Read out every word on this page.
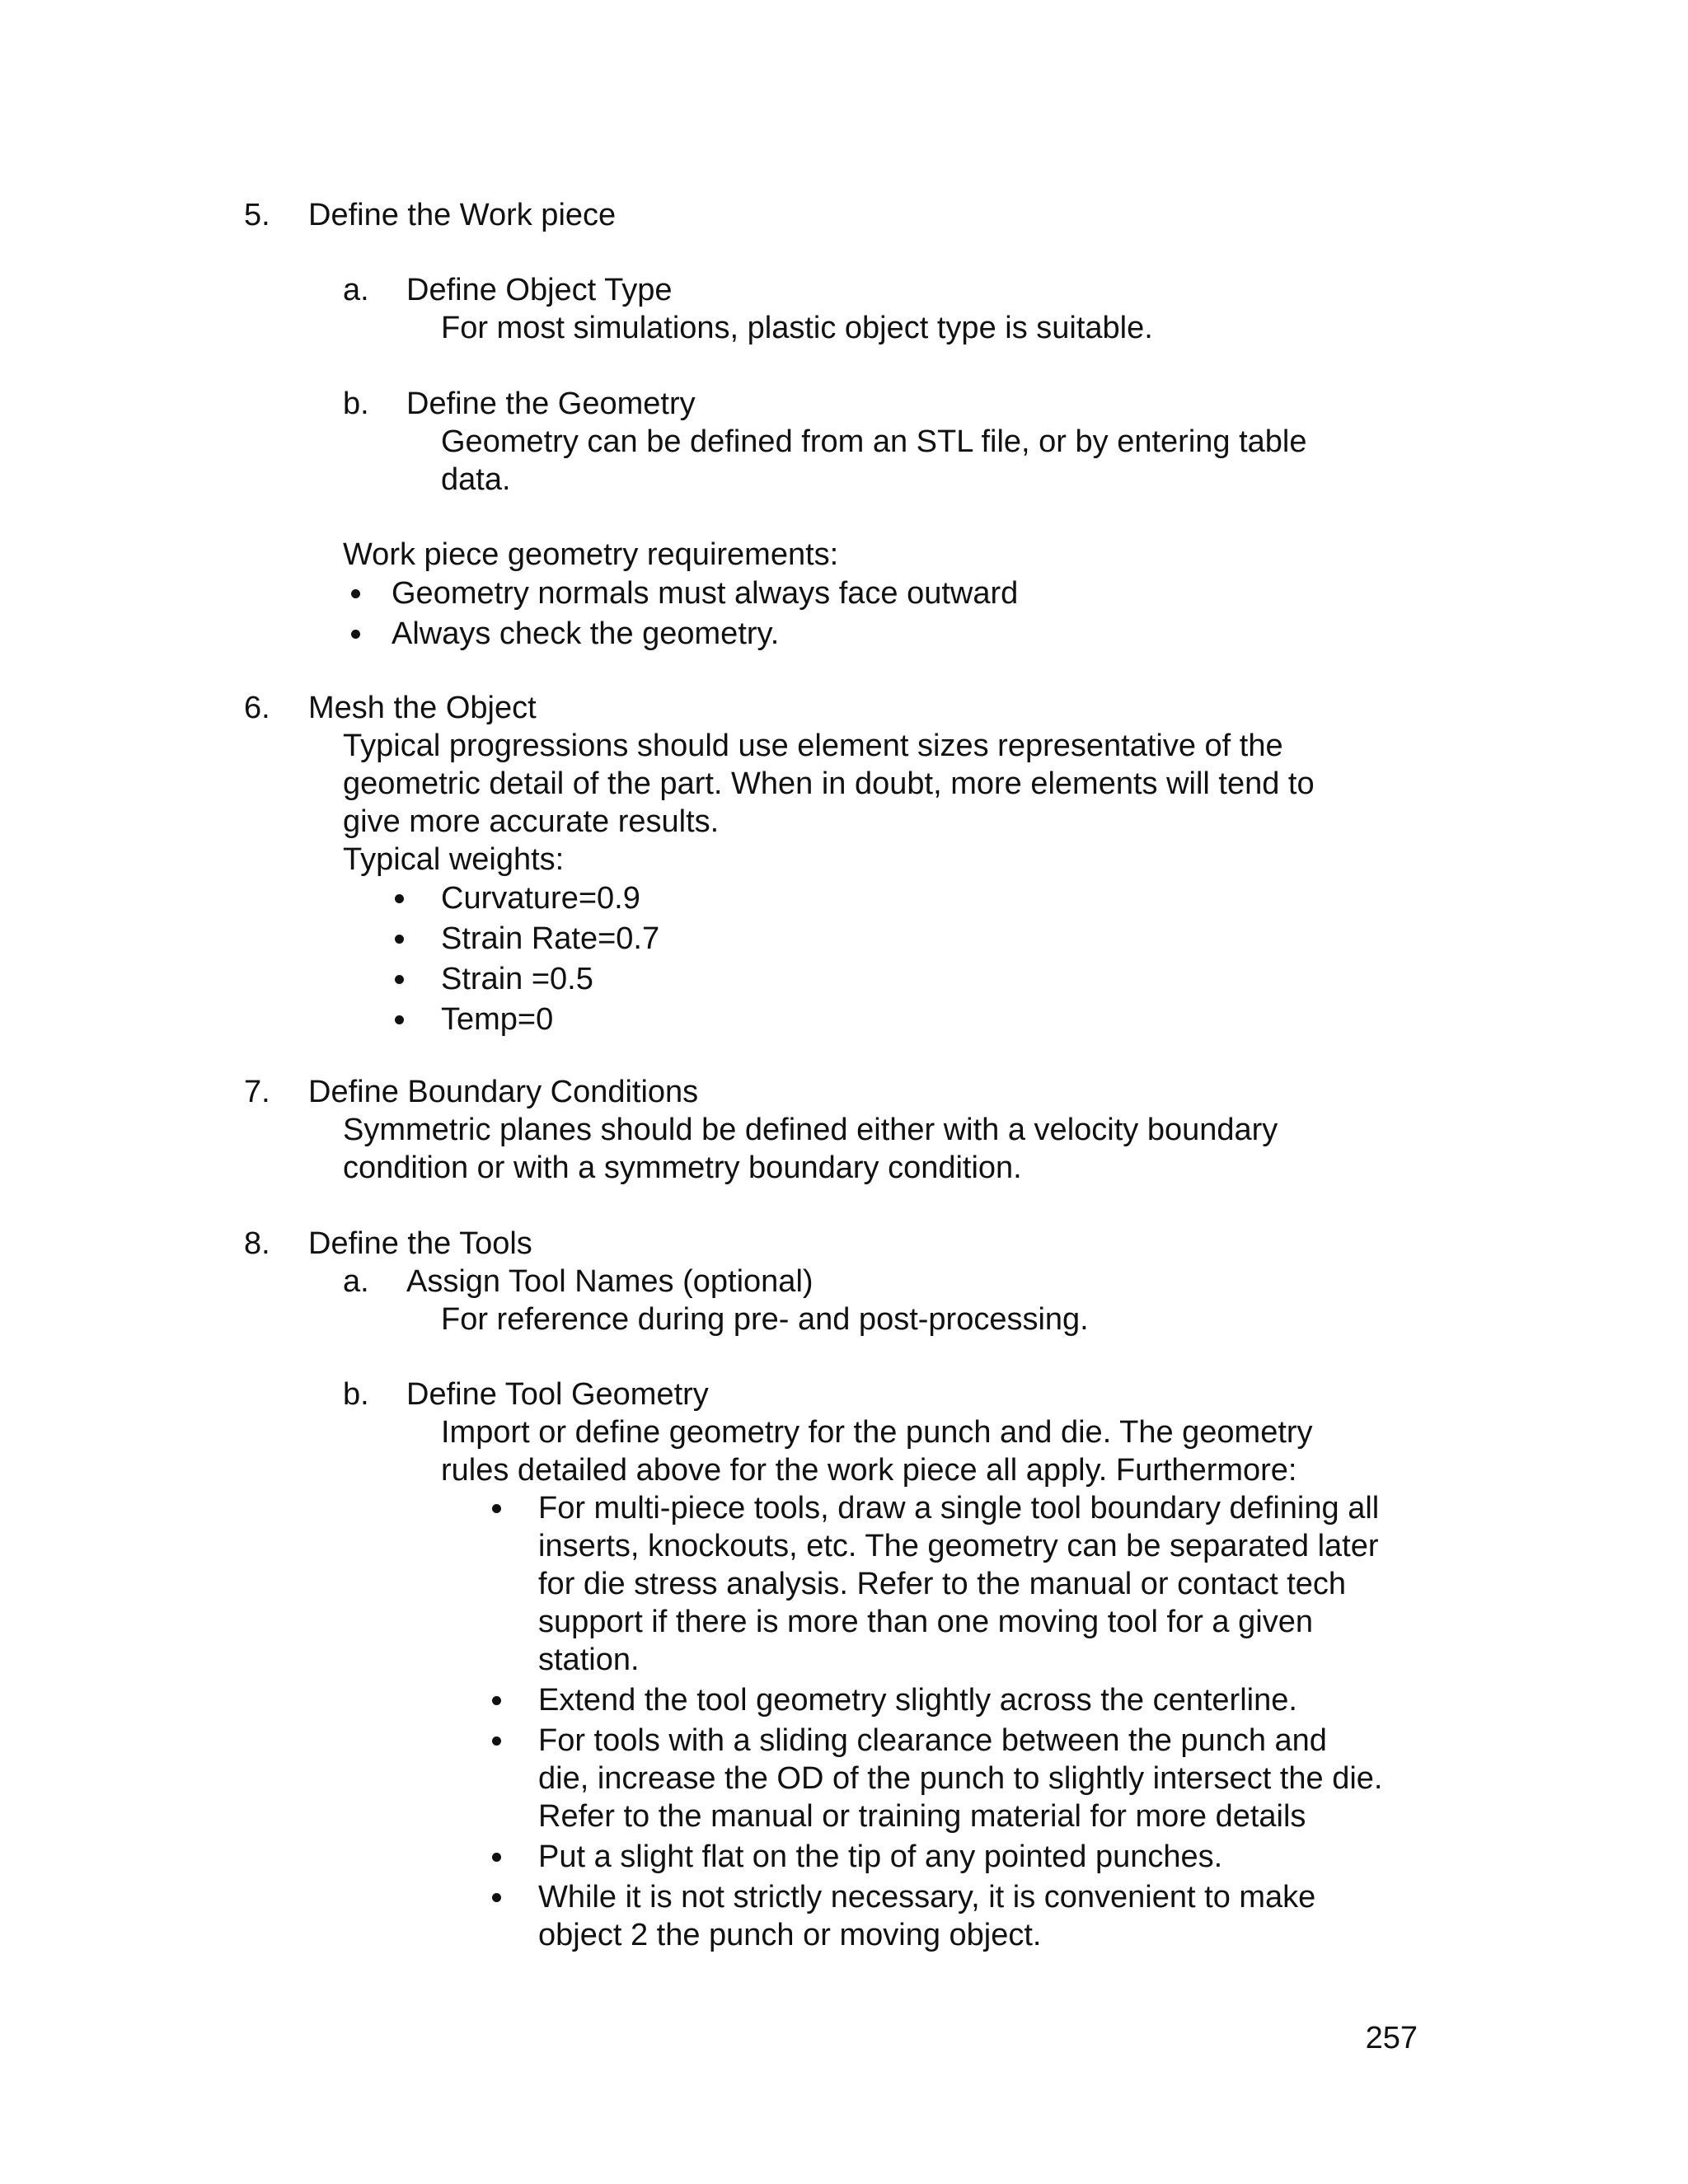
5. Define the Work piece

a. Define Object Type

For most simulations, plastic object type is suitable.

b. Define the Geometry

Geometry can be defined from an STL file, or by entering table

data.

Work piece geometry requirements:

Geometry normals must always face outward

Always check the geometry.

6. Mesh the Object

Typical progressions should use element sizes representative of the

geometric detail of the part. When in doubt, more elements will tend to

give more accurate results.

Typical weights:

Curvature=0.9

Strain Rate=0.7

Strain =0.5

Temp=0

7. Define Boundary Conditions

Symmetric planes should be defined either with a velocity boundary

condition or with a symmetry boundary condition.

8. Define the Tools

a. Assign Tool Names (optional)

For reference during pre- and post-processing.

b. Define Tool Geometry

Import or define geometry for the punch and die. The geometry

rules detailed above for the work piece all apply. Furthermore:

For multi-piece tools, draw a single tool boundary defining all

inserts, knockouts, etc. The geometry can be separated later

for die stress analysis. Refer to the manual or contact tech

support if there is more than one moving tool for a given

station.

Extend the tool geometry slightly across the centerline.

For tools with a sliding clearance between the punch and

die, increase the OD of the punch to slightly intersect the die.

Refer to the manual or training material for more details

Put a slight flat on the tip of any pointed punches.

While it is not strictly necessary, it is convenient to make

object 2 the punch or moving object.

257
